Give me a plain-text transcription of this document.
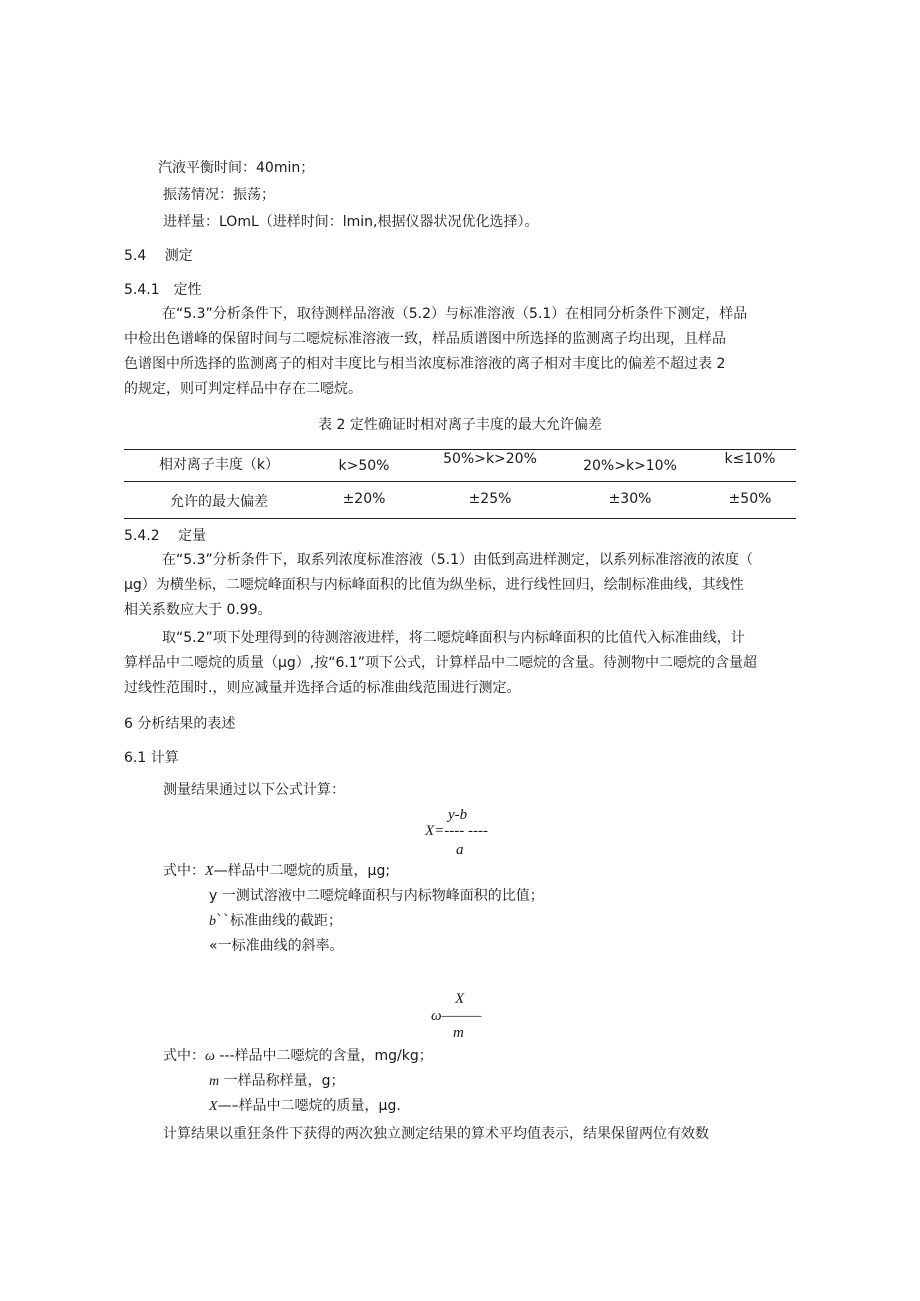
汽液平衡时间：40min；
振荡情况：振荡；
进样量：LOmL（进样时间：lmin,根据仪器状况优化选择）。
5.4　 测定
5.4.1　定性
在“5.3”分析条件下，取待测样品溶液（5.2）与标准溶液（5.1）在相同分析条件下测定，样品
中检出色谱峰的保留时间与二噁烷标准溶液一致，样品质谱图中所选择的监测离子均出现，且样品
色谱图中所选择的监测离子的相对丰度比与相当浓度标准溶液的离子相对丰度比的偏差不超过表 2
的规定，则可判定样品中存在二噁烷。
表 2 定性确证时相对离子丰度的最大允许偏差
相对离子丰度（k）	k>50%	50%>k>20%	20%>k>10%	k≤10%
允许的最大偏差	±20%	±25%	±30%	±50%
5.4.2　 定量
在“5.3”分析条件下，取系列浓度标准溶液（5.1）由低到高进样测定，以系列标准溶液的浓度（
μg）为横坐标，二噁烷峰面积与内标峰面积的比值为纵坐标，进行线性回归，绘制标准曲线，其线性
相关系数应大于 0.99。
取“5.2”项下处理得到的待测溶液进样，将二噁烷峰面积与内标峰面积的比值代入标准曲线，计
算样品中二噁烷的质量（μg）,按“6.1”项下公式，计算样品中二噁烷的含量。待测物中二噁烷的含量超
过线性范围时.，则应减量并选择合适的标准曲线范围进行测定。
6 分析结果的表述
6.1 计算
测量结果通过以下公式计算：
y-b
X=---- ----
a
式中：X—样品中二噁烷的质量，μg;
y 一测试溶液中二噁烷峰面积与内标物峰面积的比值；
b``标准曲线的截距；
«一标准曲线的斜率。
X
ω———
m
式中：ω ---样品中二噁烷的含量，mg/kg；
m 一样品称样量，g；
X—–样品中二噁烷的质量，μg.
计算结果以重狂条件下获得的两次独立测定结果的算术平均值表示，结果保留两位有效数
